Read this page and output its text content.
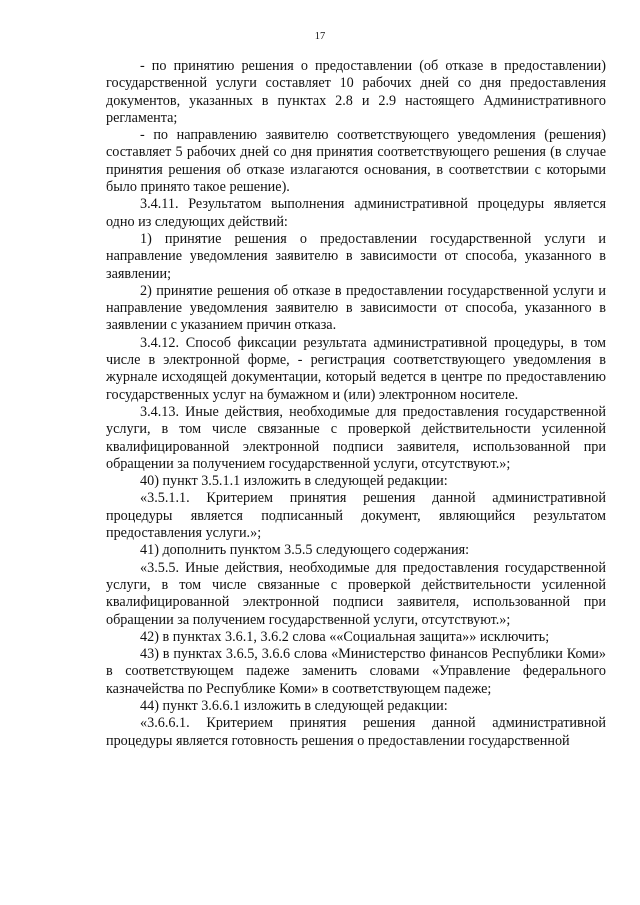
17

- по принятию решения о предоставлении (об отказе в предоставлении) государственной услуги составляет 10 рабочих дней со дня предоставления документов, указанных в пунктах 2.8 и 2.9 настоящего Административного регламента;

- по направлению заявителю соответствующего уведомления (решения) составляет 5 рабочих дней со дня принятия соответствующего решения (в случае принятия решения об отказе излагаются основания, в соответствии с которыми было принято такое решение).

3.4.11. Результатом выполнения административной процедуры является одно из следующих действий:

1) принятие решения о предоставлении государственной услуги и направление уведомления заявителю в зависимости от способа, указанного в заявлении;

2) принятие решения об отказе в предоставлении государственной услуги и направление уведомления заявителю в зависимости от способа, указанного в заявлении с указанием причин отказа.

3.4.12. Способ фиксации результата административной процедуры, в том числе в электронной форме, - регистрация соответствующего уведомления в журнале исходящей документации, который ведется в центре по предоставлению государственных услуг на бумажном и (или) электронном носителе.

3.4.13. Иные действия, необходимые для предоставления государственной услуги, в том числе связанные с проверкой действительности усиленной квалифицированной электронной подписи заявителя, использованной при обращении за получением государственной услуги, отсутствуют.»;

40) пункт 3.5.1.1 изложить в следующей редакции:

«3.5.1.1. Критерием принятия решения данной административной процедуры является подписанный документ, являющийся результатом предоставления услуги.»;

41) дополнить пунктом 3.5.5 следующего содержания:

«3.5.5. Иные действия, необходимые для предоставления государственной услуги, в том числе связанные с проверкой действительности усиленной квалифицированной электронной подписи заявителя, использованной при обращении за получением государственной услуги, отсутствуют.»;

42) в пунктах 3.6.1, 3.6.2 слова ««Социальная защита»» исключить;

43) в пунктах 3.6.5, 3.6.6 слова «Министерство финансов Республики Коми» в соответствующем падеже заменить словами «Управление федерального казначейства по Республике Коми» в соответствующем падеже;

44) пункт 3.6.6.1 изложить в следующей редакции:

«3.6.6.1. Критерием принятия решения данной административной процедуры является готовность решения о предоставлении государственной
